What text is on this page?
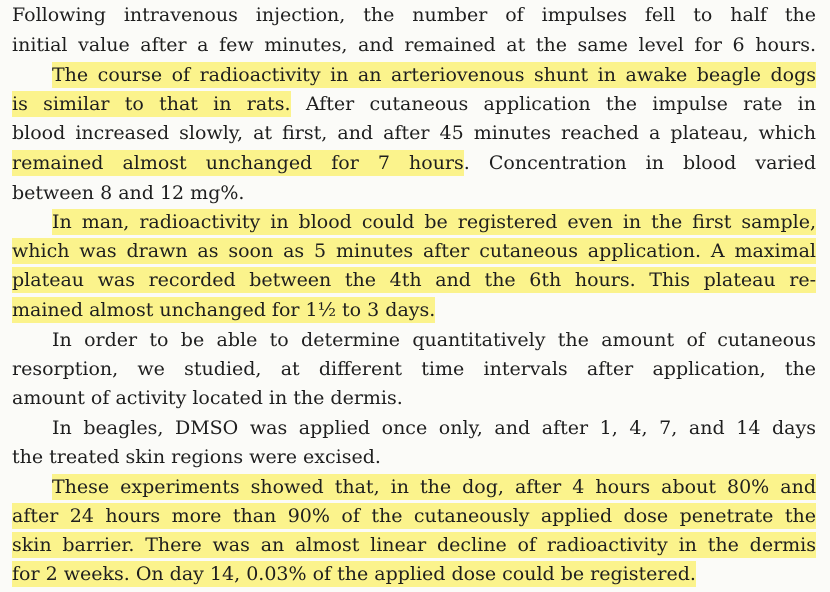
Following intravenous injection, the number of impulses fell to half the
initial value after a few minutes, and remained at the same level for 6 hours.
The course of radioactivity in an arteriovenous shunt in awake beagle dogs
is similar to that in rats. After cutaneous application the impulse rate in
blood increased slowly, at first, and after 45 minutes reached a plateau, which
remained almost unchanged for 7 hours. Concentration in blood varied
between 8 and 12 mg%.
In man, radioactivity in blood could be registered even in the first sample,
which was drawn as soon as 5 minutes after cutaneous application. A maximal
plateau was recorded between the 4th and the 6th hours. This plateau re-
mained almost unchanged for 1½ to 3 days.
In order to be able to determine quantitatively the amount of cutaneous
resorption, we studied, at different time intervals after application, the
amount of activity located in the dermis.
In beagles, DMSO was applied once only, and after 1, 4, 7, and 14 days
the treated skin regions were excised.
These experiments showed that, in the dog, after 4 hours about 80% and
after 24 hours more than 90% of the cutaneously applied dose penetrate the
skin barrier. There was an almost linear decline of radioactivity in the dermis
for 2 weeks. On day 14, 0.03% of the applied dose could be registered.
